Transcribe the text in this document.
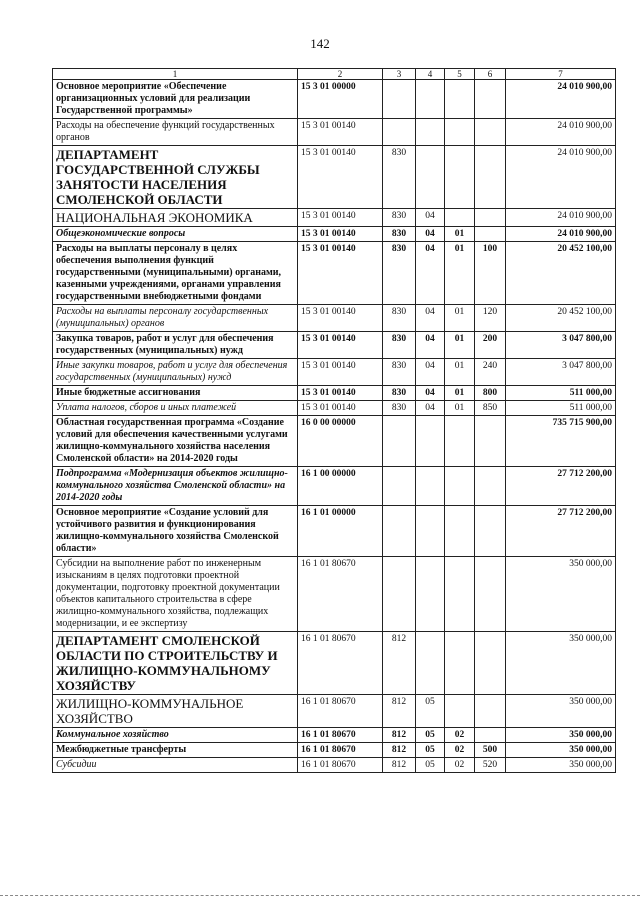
142
1	2	3	4	5	6	7
Основное мероприятие «Обеспечение организационных условий для реализации Государственной программы»	15 3 01 00000					24 010 900,00
Расходы на обеспечение функций государственных органов	15 3 01 00140					24 010 900,00
ДЕПАРТАМЕНТ ГОСУДАРСТВЕННОЙ СЛУЖБЫ ЗАНЯТОСТИ НАСЕЛЕНИЯ СМОЛЕНСКОЙ ОБЛАСТИ	15 3 01 00140	830				24 010 900,00
НАЦИОНАЛЬНАЯ ЭКОНОМИКА	15 3 01 00140	830	04			24 010 900,00
Общеэкономические вопросы	15 3 01 00140	830	04	01		24 010 900,00
Расходы на выплаты персоналу в целях обеспечения выполнения функций государственными (муниципальными) органами, казенными учреждениями, органами управления государственными внебюджетными фондами	15 3 01 00140	830	04	01	100	20 452 100,00
Расходы на выплаты персоналу государственных (муниципальных) органов	15 3 01 00140	830	04	01	120	20 452 100,00
Закупка товаров, работ и услуг для обеспечения государственных (муниципальных) нужд	15 3 01 00140	830	04	01	200	3 047 800,00
Иные закупки товаров, работ и услуг для обеспечения государственных (муниципальных) нужд	15 3 01 00140	830	04	01	240	3 047 800,00
Иные бюджетные ассигнования	15 3 01 00140	830	04	01	800	511 000,00
Уплата налогов, сборов и иных платежей	15 3 01 00140	830	04	01	850	511 000,00
Областная государственная программа «Создание условий для обеспечения качественными услугами жилищно-коммунального хозяйства населения Смоленской области» на 2014-2020 годы	16 0 00 00000					735 715 900,00
Подпрограмма «Модернизация объектов жилищно-коммунального хозяйства Смоленской области» на 2014-2020 годы	16 1 00 00000					27 712 200,00
Основное мероприятие «Создание условий для устойчивого развития и функционирования жилищно-коммунального хозяйства Смоленской области»	16 1 01 00000					27 712 200,00
Субсидии на выполнение работ по инженерным изысканиям в целях подготовки проектной документации, подготовку проектной документации объектов капитального строительства в сфере жилищно-коммунального хозяйства, подлежащих модернизации, и ее экспертизу	16 1 01 80670					350 000,00
ДЕПАРТАМЕНТ СМОЛЕНСКОЙ ОБЛАСТИ ПО СТРОИТЕЛЬСТВУ И ЖИЛИЩНО-КОММУНАЛЬНОМУ ХОЗЯЙСТВУ	16 1 01 80670	812				350 000,00
ЖИЛИЩНО-КОММУНАЛЬНОЕ ХОЗЯЙСТВО	16 1 01 80670	812	05			350 000,00
Коммунальное хозяйство	16 1 01 80670	812	05	02		350 000,00
Межбюджетные трансферты	16 1 01 80670	812	05	02	500	350 000,00
Субсидии	16 1 01 80670	812	05	02	520	350 000,00
